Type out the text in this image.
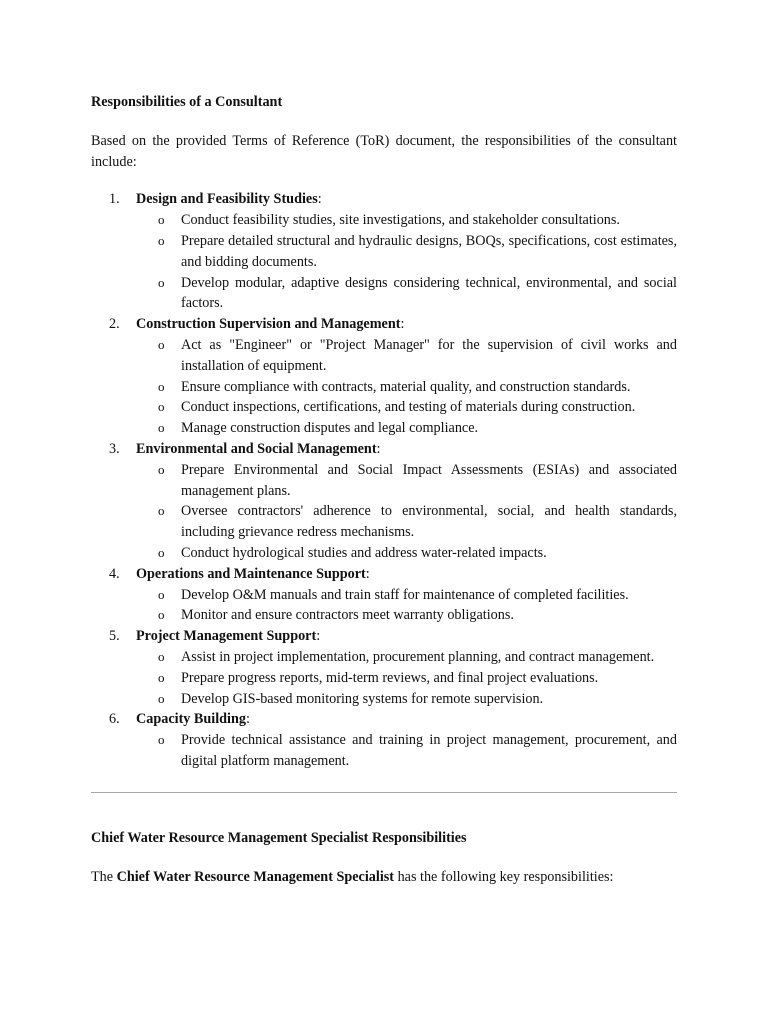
Responsibilities of a Consultant

Based on the provided Terms of Reference (ToR) document, the responsibilities of the consultant include:

1.	Design and Feasibility Studies:
o Conduct feasibility studies, site investigations, and stakeholder consultations.
o Prepare detailed structural and hydraulic designs, BOQs, specifications, cost estimates, and bidding documents.
o Develop modular, adaptive designs considering technical, environmental, and social factors.
2.	Construction Supervision and Management:
o Act as "Engineer" or "Project Manager" for the supervision of civil works and installation of equipment.
o Ensure compliance with contracts, material quality, and construction standards.
o Conduct inspections, certifications, and testing of materials during construction.
o Manage construction disputes and legal compliance.
3.	Environmental and Social Management:
o Prepare Environmental and Social Impact Assessments (ESIAs) and associated management plans.
o Oversee contractors' adherence to environmental, social, and health standards, including grievance redress mechanisms.
o Conduct hydrological studies and address water-related impacts.
4.	Operations and Maintenance Support:
o Develop O&M manuals and train staff for maintenance of completed facilities.
o Monitor and ensure contractors meet warranty obligations.
5.	Project Management Support:
o Assist in project implementation, procurement planning, and contract management.
o Prepare progress reports, mid-term reviews, and final project evaluations.
o Develop GIS-based monitoring systems for remote supervision.
6.	Capacity Building:
o Provide technical assistance and training in project management, procurement, and digital platform management.

Chief Water Resource Management Specialist Responsibilities

The Chief Water Resource Management Specialist has the following key responsibilities:
